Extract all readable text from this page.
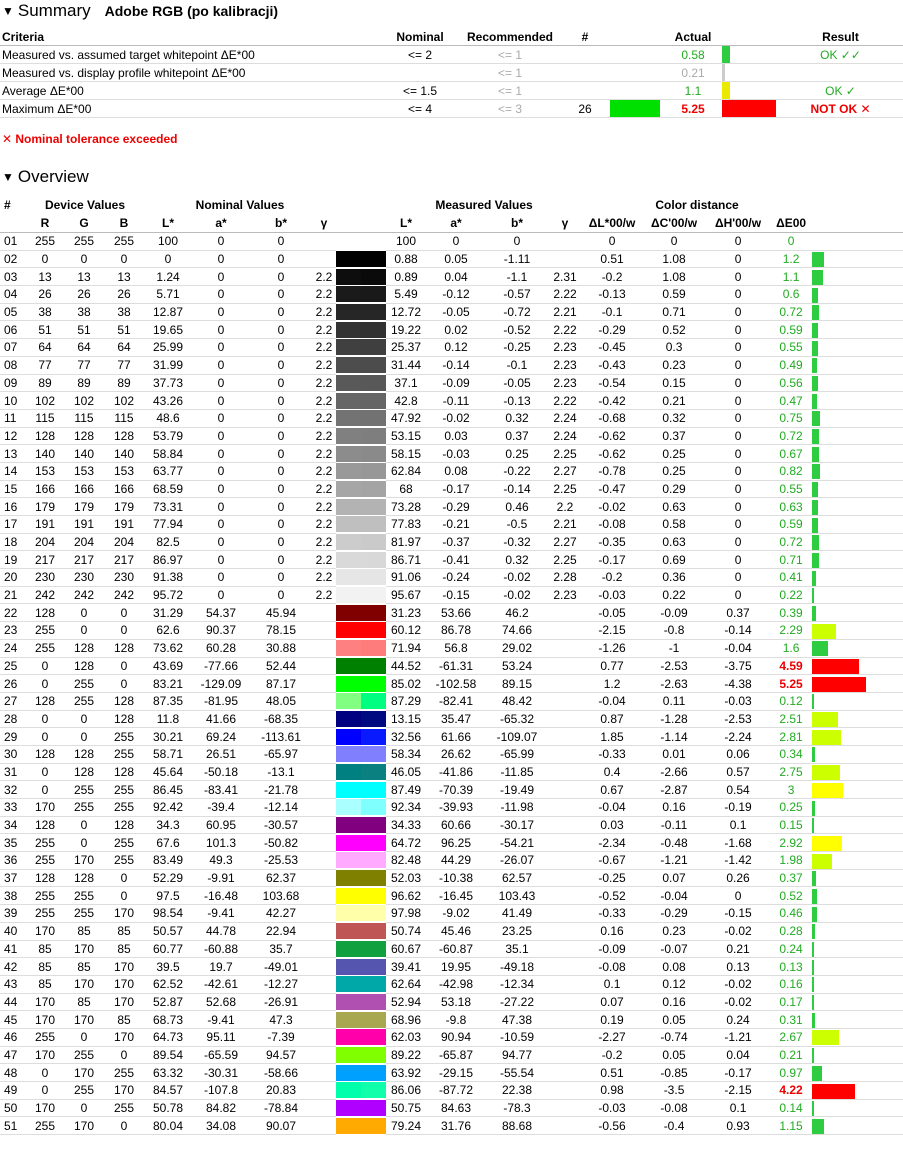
▼ Summary Adobe RGB (po kalibracji)
Criteria	Nominal	Recommended	#		Actual		Result
Measured vs. assumed target whitepoint ΔE*00	<= 2	<= 1			0.58		OK ✓✓
Measured vs. display profile whitepoint ΔE*00		<= 1			0.21		
Average ΔE*00	<= 1.5	<= 1			1.1		OK ✓
Maximum ΔE*00	<= 4	<= 3	26		5.25		NOT OK ✕
✕ Nominal tolerance exceeded
▼ Overview
#	Device Values			Nominal Values					Measured Values				Color distance				
	R	G	B	L*	a*	b*	γ		L*	a*	b*	γ	ΔL*00/w	ΔC'00/w	ΔH'00/w	ΔE00	
01	255	255	255	100	0	0			100	0	0		0	0	0	0	
02	0	0	0	0	0	0			0.88	0.05	-1.11		0.51	1.08	0	1.2	
03	13	13	13	1.24	0	0	2.2		0.89	0.04	-1.1	2.31	-0.2	1.08	0	1.1	
04	26	26	26	5.71	0	0	2.2		5.49	-0.12	-0.57	2.22	-0.13	0.59	0	0.6	
05	38	38	38	12.87	0	0	2.2		12.72	-0.05	-0.72	2.21	-0.1	0.71	0	0.72	
06	51	51	51	19.65	0	0	2.2		19.22	0.02	-0.52	2.22	-0.29	0.52	0	0.59	
07	64	64	64	25.99	0	0	2.2		25.37	0.12	-0.25	2.23	-0.45	0.3	0	0.55	
08	77	77	77	31.99	0	0	2.2		31.44	-0.14	-0.1	2.23	-0.43	0.23	0	0.49	
09	89	89	89	37.73	0	0	2.2		37.1	-0.09	-0.05	2.23	-0.54	0.15	0	0.56	
10	102	102	102	43.26	0	0	2.2		42.8	-0.11	-0.13	2.22	-0.42	0.21	0	0.47	
11	115	115	115	48.6	0	0	2.2		47.92	-0.02	0.32	2.24	-0.68	0.32	0	0.75	
12	128	128	128	53.79	0	0	2.2		53.15	0.03	0.37	2.24	-0.62	0.37	0	0.72	
13	140	140	140	58.84	0	0	2.2		58.15	-0.03	0.25	2.25	-0.62	0.25	0	0.67	
14	153	153	153	63.77	0	0	2.2		62.84	0.08	-0.22	2.27	-0.78	0.25	0	0.82	
15	166	166	166	68.59	0	0	2.2		68	-0.17	-0.14	2.25	-0.47	0.29	0	0.55	
16	179	179	179	73.31	0	0	2.2		73.28	-0.29	0.46	2.2	-0.02	0.63	0	0.63	
17	191	191	191	77.94	0	0	2.2		77.83	-0.21	-0.5	2.21	-0.08	0.58	0	0.59	
18	204	204	204	82.5	0	0	2.2		81.97	-0.37	-0.32	2.27	-0.35	0.63	0	0.72	
19	217	217	217	86.97	0	0	2.2		86.71	-0.41	0.32	2.25	-0.17	0.69	0	0.71	
20	230	230	230	91.38	0	0	2.2		91.06	-0.24	-0.02	2.28	-0.2	0.36	0	0.41	
21	242	242	242	95.72	0	0	2.2		95.67	-0.15	-0.02	2.23	-0.03	0.22	0	0.22	
22	128	0	0	31.29	54.37	45.94			31.23	53.66	46.2		-0.05	-0.09	0.37	0.39	
23	255	0	0	62.6	90.37	78.15			60.12	86.78	74.66		-2.15	-0.8	-0.14	2.29	
24	255	128	128	73.62	60.28	30.88			71.94	56.8	29.02		-1.26	-1	-0.04	1.6	
25	0	128	0	43.69	-77.66	52.44			44.52	-61.31	53.24		0.77	-2.53	-3.75	4.59	
26	0	255	0	83.21	-129.09	87.17			85.02	-102.58	89.15		1.2	-2.63	-4.38	5.25	
27	128	255	128	87.35	-81.95	48.05			87.29	-82.41	48.42		-0.04	0.11	-0.03	0.12	
28	0	0	128	11.8	41.66	-68.35			13.15	35.47	-65.32		0.87	-1.28	-2.53	2.51	
29	0	0	255	30.21	69.24	-113.61			32.56	61.66	-109.07		1.85	-1.14	-2.24	2.81	
30	128	128	255	58.71	26.51	-65.97			58.34	26.62	-65.99		-0.33	0.01	0.06	0.34	
31	0	128	128	45.64	-50.18	-13.1			46.05	-41.86	-11.85		0.4	-2.66	0.57	2.75	
32	0	255	255	86.45	-83.41	-21.78			87.49	-70.39	-19.49		0.67	-2.87	0.54	3	
33	170	255	255	92.42	-39.4	-12.14			92.34	-39.93	-11.98		-0.04	0.16	-0.19	0.25	
34	128	0	128	34.3	60.95	-30.57			34.33	60.66	-30.17		0.03	-0.11	0.1	0.15	
35	255	0	255	67.6	101.3	-50.82			64.72	96.25	-54.21		-2.34	-0.48	-1.68	2.92	
36	255	170	255	83.49	49.3	-25.53			82.48	44.29	-26.07		-0.67	-1.21	-1.42	1.98	
37	128	128	0	52.29	-9.91	62.37			52.03	-10.38	62.57		-0.25	0.07	0.26	0.37	
38	255	255	0	97.5	-16.48	103.68			96.62	-16.45	103.43		-0.52	-0.04	0	0.52	
39	255	255	170	98.54	-9.41	42.27			97.98	-9.02	41.49		-0.33	-0.29	-0.15	0.46	
40	170	85	85	50.57	44.78	22.94			50.74	45.46	23.25		0.16	0.23	-0.02	0.28	
41	85	170	85	60.77	-60.88	35.7			60.67	-60.87	35.1		-0.09	-0.07	0.21	0.24	
42	85	85	170	39.5	19.7	-49.01			39.41	19.95	-49.18		-0.08	0.08	0.13	0.13	
43	85	170	170	62.52	-42.61	-12.27			62.64	-42.98	-12.34		0.1	0.12	-0.02	0.16	
44	170	85	170	52.87	52.68	-26.91			52.94	53.18	-27.22		0.07	0.16	-0.02	0.17	
45	170	170	85	68.73	-9.41	47.3			68.96	-9.8	47.38		0.19	0.05	0.24	0.31	
46	255	0	170	64.73	95.11	-7.39			62.03	90.94	-10.59		-2.27	-0.74	-1.21	2.67	
47	170	255	0	89.54	-65.59	94.57			89.22	-65.87	94.77		-0.2	0.05	0.04	0.21	
48	0	170	255	63.32	-30.31	-58.66			63.92	-29.15	-55.54		0.51	-0.85	-0.17	0.97	
49	0	255	170	84.57	-107.8	20.83			86.06	-87.72	22.38		0.98	-3.5	-2.15	4.22	
50	170	0	255	50.78	84.82	-78.84			50.75	84.63	-78.3		-0.03	-0.08	0.1	0.14	
51	255	170	0	80.04	34.08	90.07			79.24	31.76	88.68		-0.56	-0.4	0.93	1.15	
